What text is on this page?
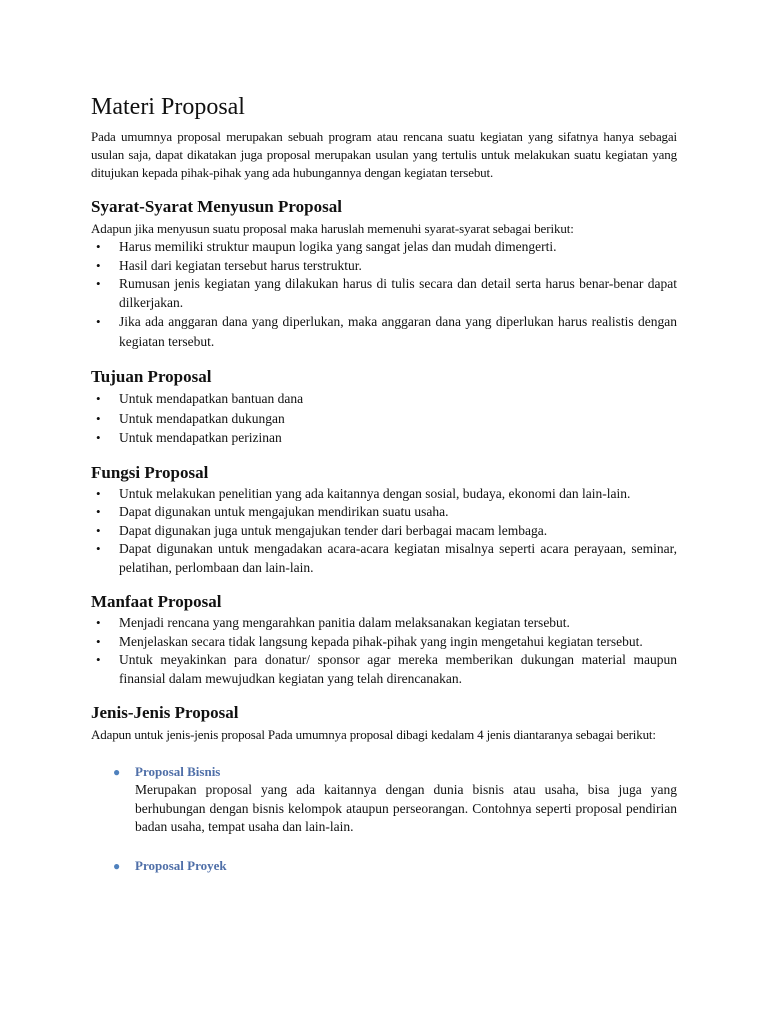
Materi Proposal

Pada umumnya proposal merupakan sebuah program atau rencana suatu kegiatan yang sifatnya hanya sebagai usulan saja, dapat dikatakan juga proposal merupakan usulan yang tertulis untuk melakukan suatu kegiatan yang ditujukan kepada pihak-pihak yang ada hubungannya dengan kegiatan tersebut.

Syarat-Syarat Menyusun Proposal

Adapun jika menyusun suatu proposal maka haruslah memenuhi syarat-syarat sebagai berikut:

• Harus memiliki struktur maupun logika yang sangat jelas dan mudah dimengerti.
• Hasil dari kegiatan tersebut harus terstruktur.
• Rumusan jenis kegiatan yang dilakukan harus di tulis secara dan detail serta harus benar-benar dapat dilkerjakan.
• Jika ada anggaran dana yang diperlukan, maka anggaran dana yang diperlukan harus realistis dengan kegiatan tersebut.
Tujuan Proposal
• Untuk mendapatkan bantuan dana
• Untuk mendapatkan dukungan
• Untuk mendapatkan perizinan
Fungsi Proposal
• Untuk melakukan penelitian yang ada kaitannya dengan sosial, budaya, ekonomi dan lain-lain.
• Dapat digunakan untuk mengajukan mendirikan suatu usaha.
• Dapat digunakan juga untuk mengajukan tender dari berbagai macam lembaga.
• Dapat digunakan untuk mengadakan acara-acara kegiatan misalnya seperti acara perayaan, seminar, pelatihan, perlombaan dan lain-lain.
Manfaat Proposal
• Menjadi rencana yang mengarahkan panitia dalam melaksanakan kegiatan tersebut.
• Menjelaskan secara tidak langsung kepada pihak-pihak yang ingin mengetahui kegiatan tersebut.
• Untuk meyakinkan para donatur/ sponsor agar mereka memberikan dukungan material maupun finansial dalam mewujudkan kegiatan yang telah direncanakan.
Jenis-Jenis Proposal

Adapun untuk jenis-jenis proposal Pada umumnya proposal dibagi kedalam 4 jenis diantaranya sebagai berikut:

● Proposal Bisnis
Merupakan proposal yang ada kaitannya dengan dunia bisnis atau usaha, bisa juga yang berhubungan dengan bisnis kelompok ataupun perseorangan. Contohnya seperti proposal pendirian badan usaha, tempat usaha dan lain-lain.
● Proposal Proyek
